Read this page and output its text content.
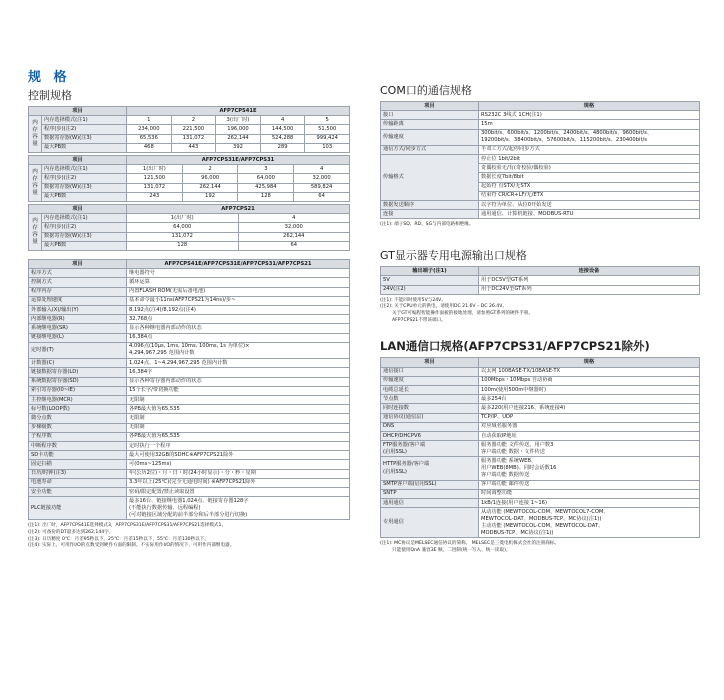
规 格
控制规格
项目		AFP7CPS41E				

内
存
容
量	内存选择模式(注1)	1	2	3(出厂时)	4	5
	程序(步)(注2)	234,000	221,500	196,000	144,500	51,500
	数据寄存器(W)(注3)	65,536	131,072	262,144	524,288	999,424
	最大PB数	468	443	392	289	103
项目		AFP7CPS31E/AFP7CPS31			

内
存
容
量	内存选择模式(注1)	1(出厂时)	2	3	4
	程序(步)(注2)	121,500	96,000	64,000	32,000
	数据寄存器(W)(注3)	131,072	262,144	425,984	589,824
	最大PB数	243	192	128	64
项目		AFP7CPS21	

内
存
容
量	内存选择模式(注1)	1(出厂时)	4
	程序(步)(注2)	64,000	32,000
	数据寄存器(W)(注3)	131,072	262,144
	最大PB数	128	64
项目	AFP7CPS41E/AFP7CPS31E/AFP7CPS31/AFP7CPS21
程序方式	继电器符号
控制方式	循环运算
程序内存	内置FLASH ROM(无需后备电池)
运算处理速度	基本命令最小11ns(AFP7CPS21为14ns)/步~
外部输入(X)/输出(Y)	8,192点(注4)/8,192点(注4)
内部继电器(R)	32,768点
系统继电器(SR)	显示各种继电器内部动作的状态
链接继电器(L)	16,384点
定时器(T)	4,096点(10μs, 1ms, 10ms, 100ms, 1s 为单位)×
4,294,967,295 范围内计数
计数器(C)	1,024点、1~4,294,967,295 范围内计数
链接数据寄存器(LD)	16,384字
系统数据寄存器(SD)	显示各种寄存器内部动作的状态
索引寄存器(I0~IE)	15个长字/带切换功能
主控继电器(MCR)	无限制
标号数(LOOP数)	各PB最大值为65,535
微分点数	无限制
步梯级数	无限制
子程序数	各PB最大值为65,535
中断程序数	定时执行一个程序
SD卡功能	最大可使用32GB的SDHC※AFP7CPS21除外
固定扫描	可(0ms~125ms)
日历/时钟(注3)	年(公历2位)・月・日・时(24小时显示)・分・秒・星期
电池寿命	3.3年以上(25℃)(完全无通电时间) ※AFP7CPS21除外
安全功能	密码/限定配置/禁止读取设置
PLC链接功能	最多16台、链接继电器1,024点、链接寄存器128字
(不能执行数据传输、远程编程)
(可对链接区域分配的前半部分和后半部分进行切换)
(注1): 出厂时，AFP7CPS41E选择模式3，AFP7CPS31E/AFP7CPS31/AFP7CPS21选择模式1。
(注2): 可备份的DT最多达到262,144字。
(注3): 日历精度 0℃：月差95秒以下，25℃：月差15秒以下，55℃：月差130秒以下。
(注4): 实际上，可用作I/O的点数受到硬件方面的限制。不实际用作I/O的情况下，可用作内部继电器。
COM口的通信规格
项目	规格
接口	RS232C 3线式 1CH(注1)
传输距离	15m
传输速度	300bit/s、600bit/s、1200bit/s、2400bit/s、4800bit/s、9600bit/s、
19200bit/s、38400bit/s、57600bit/s、115200bit/s、230400bit/s
通信方式/同步方式	半双工方式/起停同步方式
传输格式	停止位 1bit/2bit
	奇偶校验无/有(奇校验/偶校验)
	数据长度7bit/8bit
	起始符 有STX/无STX
	结束符 CR/CR+LF/无/ETX
数据发送顺序	以字符为单位、从位0开始发送
连接	通用通信、计算机链接、MODBUS-RTU
(注1): 端子SD、RD、SG与内部电路相绝缘。
GT显示器专用电源输出口规格
输出端子(注1)	连接设备
5V	用于DC5V型GT系列
24V(注2)	用于DC24V型GT系列
(注1): 不能同时使用5V与24V。
(注2): 关于CPU单元的供电，请使用DC 21.6V – DC 26.4V。
关于GT可编程智能操作面板的接地处理，请参照GT系列的硬件手册。
AFP7CPS21不带该端口。
LAN通信口规格(AFP7CPS31/AFP7CPS21除外)
项目	规格
通信接口	以太网 100BASE-TX/10BASE-TX
传输速度	100Mbps・10Mbps 自动协商
电缆总延长	100m(使用500m中继器时)
节点数	最多254台
同时连接数	最多220(用户连接216、系统连接4)
通信协议(通信层)	TCP/IP、UDP
DNS	对应域名服务器
DHCP/DHCPV6	自动获取IP地址
FTP服务器/客户端
(启用SSL)	服务器功能 文件传送、用户数3
客户端功能 数据・文件传送
HTTP服务器/客户端
(启用SSL)	服务器功能 系统WEB、
用户WEB(8MB)、同时会话数16
客户端功能 数据传送
SMTP客户端(启用SSL)	客户端功能 邮件传送
SNTP	时间调整功能
通用通信	1kB/1连接(用户连接 1~16)
专用通信	从动功能 (MEWTOCOL-COM、MEWTOCOL7-COM、
MEWTOCOL-DAT、MODBUS-TCP、MC协议(注1))
主动功能 (MEWTOCOL-COM、MEWTOCOL-DAT、
MODBUS-TCP、MC协议(注1))
(注1): MC协议是MELSEC通信协议的简称。 MELSEC是三菱电机株式会社的注册商标。
只能使用QnA 兼容3E 帧、二进制(统一写入、统一读取)。
